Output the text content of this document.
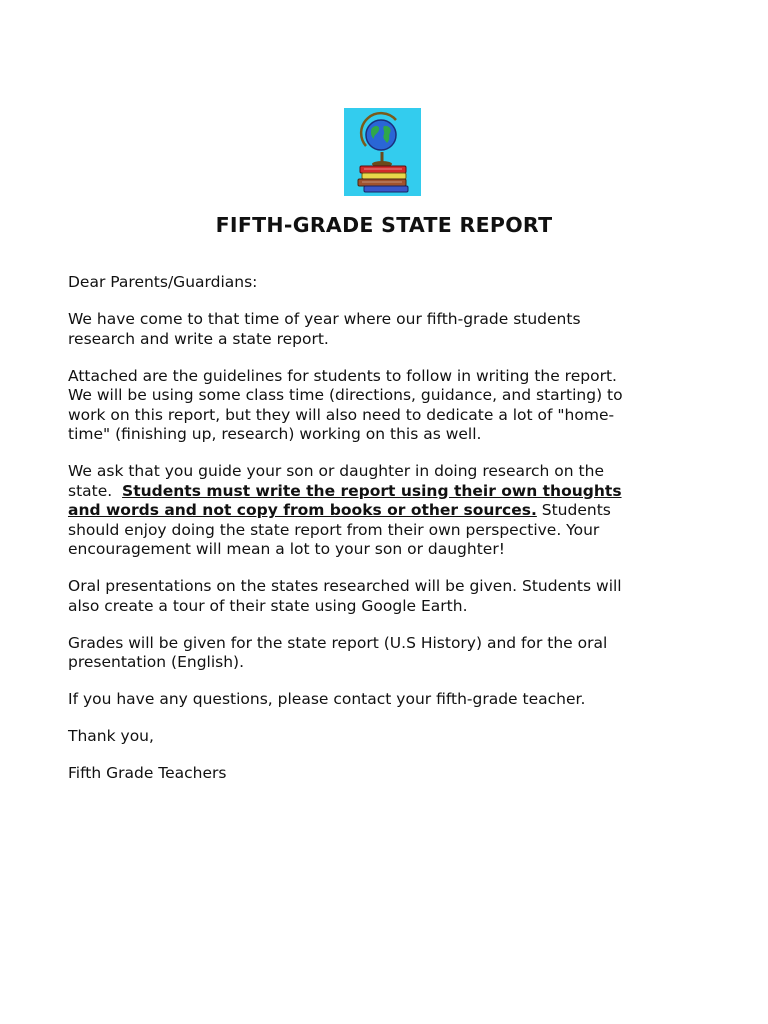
FIFTH-GRADE STATE REPORT

Dear Parents/Guardians:

We have come to that time of year where our fifth-grade students
research and write a state report.

Attached are the guidelines for students to follow in writing the report.
We will be using some class time (directions, guidance, and starting) to
work on this report, but they will also need to dedicate a lot of "home-
time" (finishing up, research) working on this as well.

We ask that you guide your son or daughter in doing research on the
state.  Students must write the report using their own thoughts
and words and not copy from books or other sources. Students
should enjoy doing the state report from their own perspective. Your
encouragement will mean a lot to your son or daughter!

Oral presentations on the states researched will be given. Students will
also create a tour of their state using Google Earth.

Grades will be given for the state report (U.S History) and for the oral
presentation (English).

If you have any questions, please contact your fifth-grade teacher.

Thank you,

Fifth Grade Teachers
